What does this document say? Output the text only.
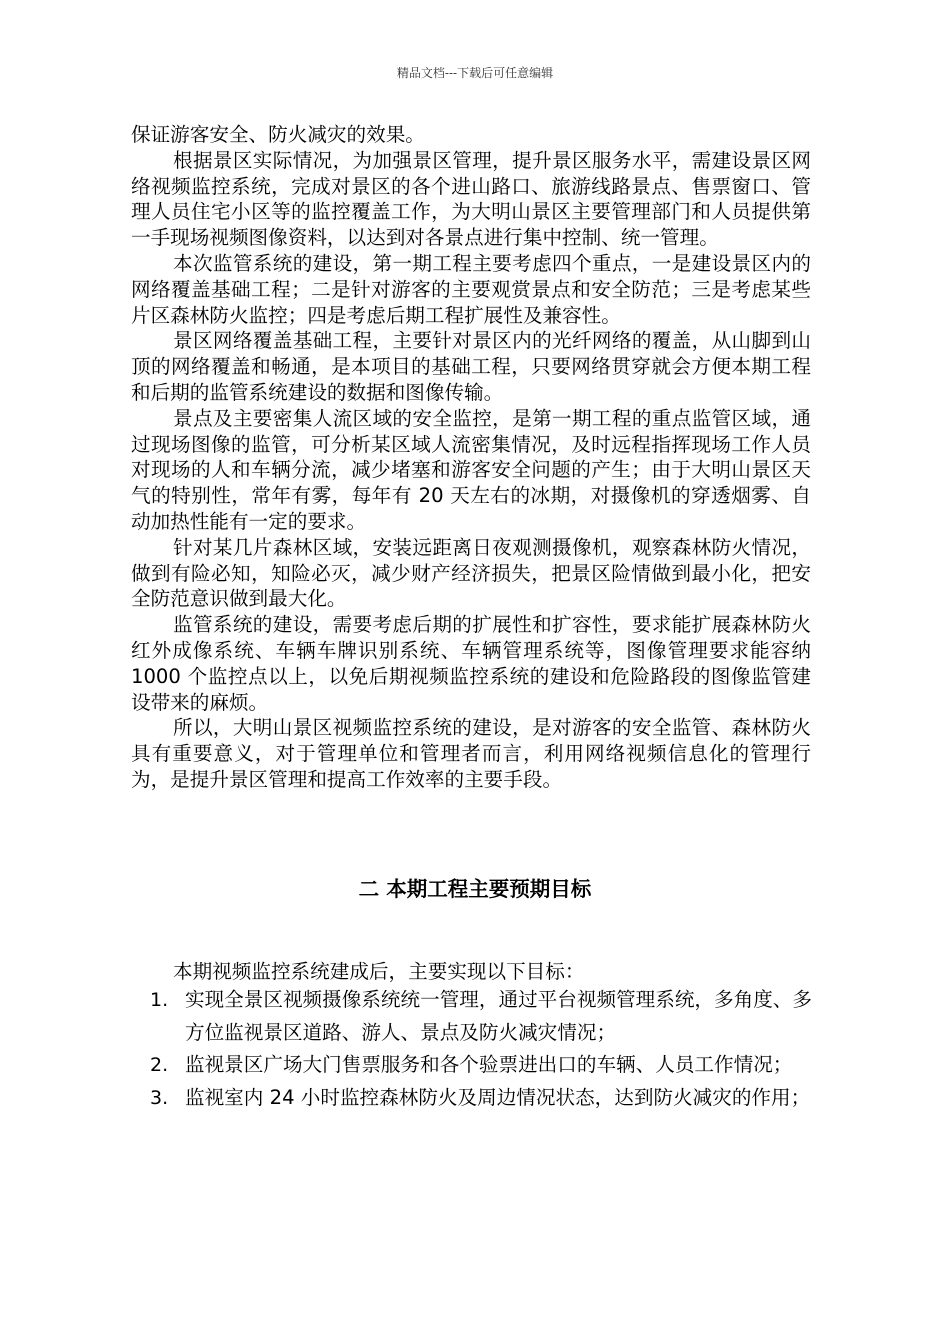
精品文档---下载后可任意编辑

保证游客安全、防火减灾的效果。

根据景区实际情况，为加强景区管理，提升景区服务水平，需建设景区网络视频监控系统，完成对景区的各个进山路口、旅游线路景点、售票窗口、管理人员住宅小区等的监控覆盖工作，为大明山景区主要管理部门和人员提供第一手现场视频图像资料，以达到对各景点进行集中控制、统一管理。

本次监管系统的建设，第一期工程主要考虑四个重点，一是建设景区内的网络覆盖基础工程；二是针对游客的主要观赏景点和安全防范；三是考虑某些片区森林防火监控；四是考虑后期工程扩展性及兼容性。

景区网络覆盖基础工程，主要针对景区内的光纤网络的覆盖，从山脚到山顶的网络覆盖和畅通，是本项目的基础工程，只要网络贯穿就会方便本期工程和后期的监管系统建设的数据和图像传输。

景点及主要密集人流区域的安全监控，是第一期工程的重点监管区域，通过现场图像的监管，可分析某区域人流密集情况，及时远程指挥现场工作人员对现场的人和车辆分流，减少堵塞和游客安全问题的产生；由于大明山景区天气的特别性，常年有雾，每年有 20 天左右的冰期，对摄像机的穿透烟雾、自动加热性能有一定的要求。

针对某几片森林区域，安装远距离日夜观测摄像机，观察森林防火情况，做到有险必知，知险必灭，减少财产经济损失，把景区险情做到最小化，把安全防范意识做到最大化。

监管系统的建设，需要考虑后期的扩展性和扩容性，要求能扩展森林防火红外成像系统、车辆车牌识别系统、车辆管理系统等，图像管理要求能容纳 1000 个监控点以上，以免后期视频监控系统的建设和危险路段的图像监管建设带来的麻烦。

所以，大明山景区视频监控系统的建设，是对游客的安全监管、森林防火具有重要意义，对于管理单位和管理者而言，利用网络视频信息化的管理行为，是提升景区管理和提高工作效率的主要手段。

二 本期工程主要预期目标

本期视频监控系统建成后，主要实现以下目标：

1. 实现全景区视频摄像系统统一管理，通过平台视频管理系统，多角度、多方位监视景区道路、游人、景点及防火减灾情况；
2. 监视景区广场大门售票服务和各个验票进出口的车辆、人员工作情况；
3. 监视室内 24 小时监控森林防火及周边情况状态，达到防火减灾的作用；
